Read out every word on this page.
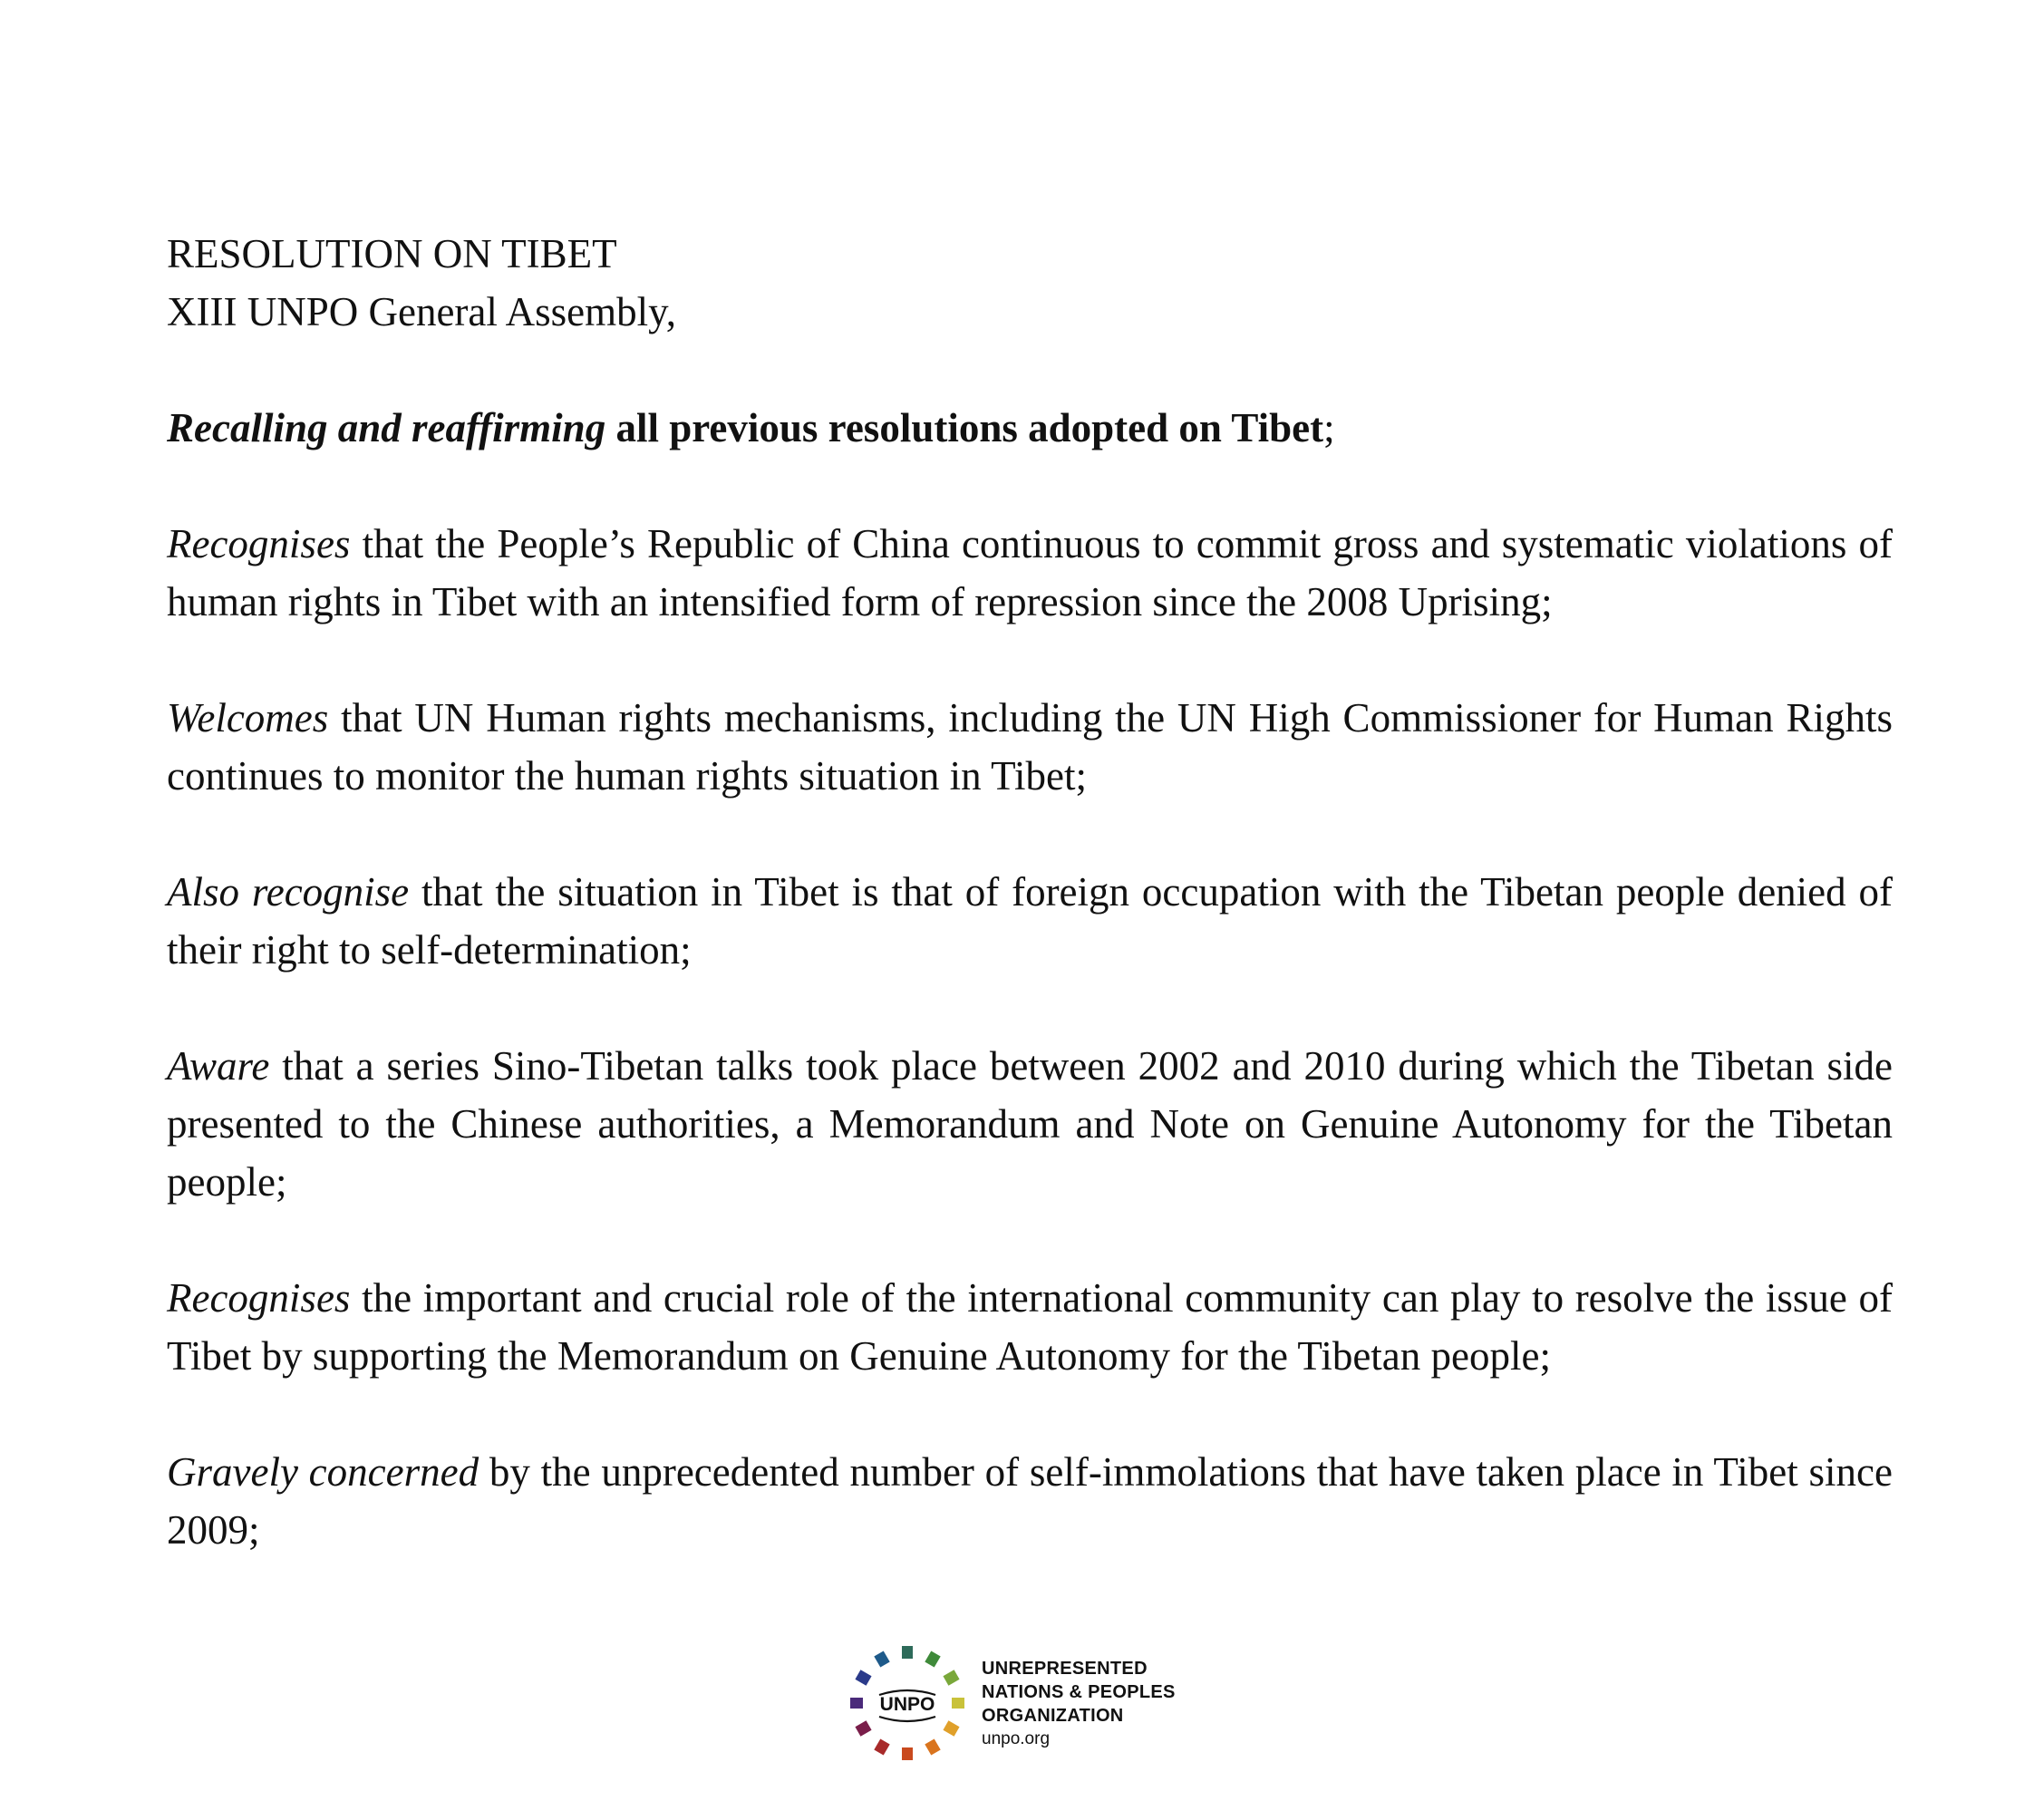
RESOLUTION ON TIBET
XIII UNPO General Assembly,

Recalling and reaffirming all previous resolutions adopted on Tibet;

Recognises that the People’s Republic of China continuous to commit gross and systematic violations of human rights in Tibet with an intensified form of repression since the 2008 Uprising;

Welcomes that UN Human rights mechanisms, including the UN High Commissioner for Human Rights continues to monitor the human rights situation in Tibet;

Also recognise that the situation in Tibet is that of foreign occupation with the Tibetan people denied of their right to self-determination;

Aware that a series Sino-Tibetan talks took place between 2002 and 2010 during which the Tibetan side presented to the Chinese authorities, a Memorandum and Note on Genuine Autonomy for the Tibetan people;

Recognises the important and crucial role of the international community can play to resolve the issue of Tibet by supporting the Memorandum on Genuine Autonomy for the Tibetan people;

Gravely concerned by the unprecedented number of self-immolations that have taken place in Tibet since 2009;

UNPO
UNREPRESENTED
NATIONS & PEOPLES
ORGANIZATION
unpo.org
